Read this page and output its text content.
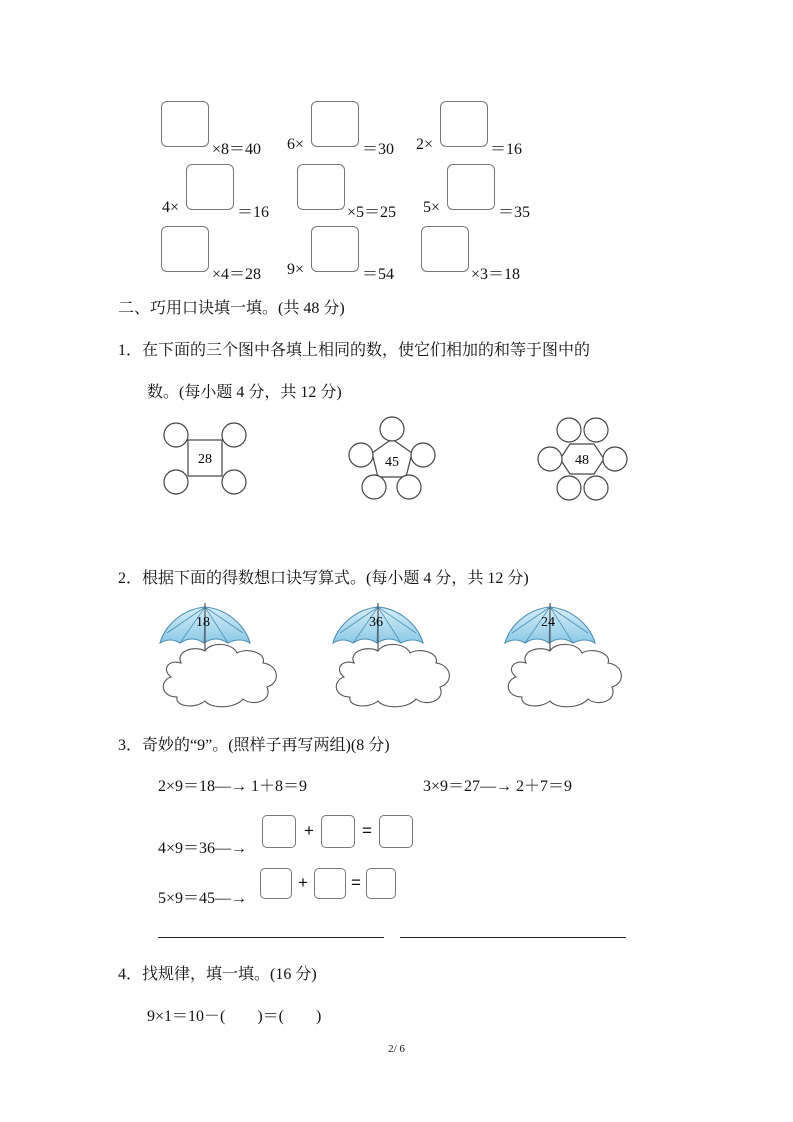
×8＝40 6×	＝30 2×	＝16
4×	＝16	×5＝25 5×	＝35
×4＝28 9×	＝54	×3＝18
二、巧用口诀填一填。(共 48 分)
1．在下面的三个图中各填上相同的数，使它们相加的和等于图中的
数。(每小题 4 分，共 12 分)
28	45	48
2．根据下面的得数想口诀写算式。(每小题 4 分，共 12 分)
18	36	24
3．奇妙的“9”。(照样子再写两组)(8 分)
2×9＝18—→ 1＋8＝9	3×9＝27—→ 2＋7＝9
4×9＝36—→
+	=
5×9＝45—→
+	=
4．找规律，填一填。(16 分)
9×1＝10－(　　)＝(　　)
2/ 6
